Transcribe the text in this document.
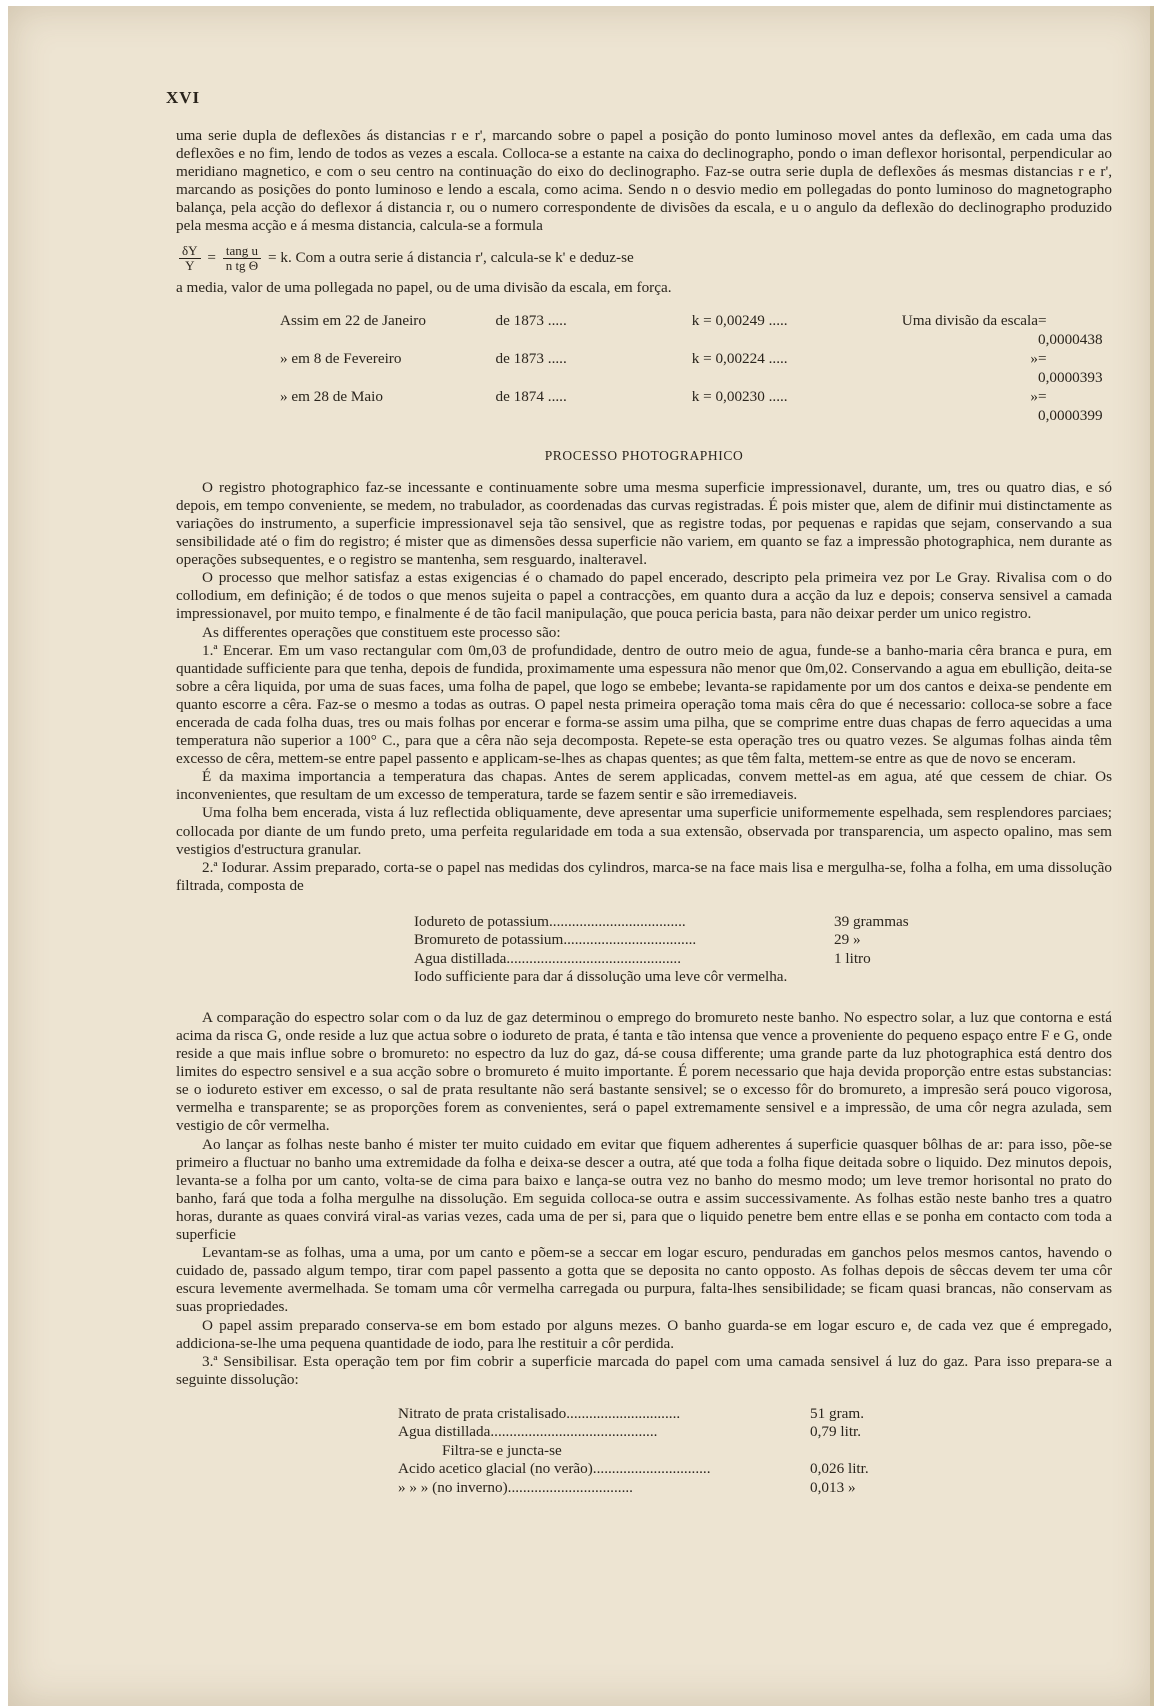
XVI

uma serie dupla de deflexões ás distancias r e r', marcando sobre o papel a posição do ponto luminoso movel antes da deflexão, em cada uma das deflexões e no fim, lendo de todos as vezes a escala. Colloca-se a estante na caixa do declinographo, pondo o iman deflexor horisontal, perpendicular ao meridiano magnetico, e com o seu centro na continuação do eixo do declinographo. Faz-se outra serie dupla de deflexões ás mesmas distancias r e r', marcando as posições do ponto luminoso e lendo a escala, como acima. Sendo n o desvio medio em pollegadas do ponto luminoso do magnetographo balança, pela acção do deflexor á distancia r, ou o numero correspondente de divisões da escala, e u o angulo da deflexão do declinographo produzido pela mesma acção e á mesma distancia, calcula-se a formula

$\frac{\delta Y}{Y} = \frac{\text{tang u}}{\text{n tg Θ}} = k$. Com a outra serie á distancia r', calcula-se k' e deduz-se

a media, valor de uma pollegada no papel, ou de uma divisão da escala, em força.

Assim em 22 de Janeiro	de 1873 .....	k = 0,00249 .....	Uma divisão da escala = 0,0000438
» em 8 de Fevereiro	de 1873 .....	k = 0,00224 .....	» = 0,0000393
» em 28 de Maio	de 1874 .....	k = 0,00230 .....	» = 0,0000399
PROCESSO PHOTOGRAPHICO

O registro photographico faz-se incessante e continuamente sobre uma mesma superficie impressionavel, durante, um, tres ou quatro dias, e só depois, em tempo conveniente, se medem, no trabulador, as coordenadas das curvas registradas. É pois mister que, alem de difinir mui distinctamente as variações do instrumento, a superficie impressionavel seja tão sensivel, que as registre todas, por pequenas e rapidas que sejam, conservando a sua sensibilidade até o fim do registro; é mister que as dimensões dessa superficie não variem, em quanto se faz a impressão photographica, nem durante as operações subsequentes, e o registro se mantenha, sem resguardo, inalteravel.

O processo que melhor satisfaz a estas exigencias é o chamado do papel encerado, descripto pela primeira vez por Le Gray. Rivalisa com o do collodium, em definição; é de todos o que menos sujeita o papel a contracções, em quanto dura a acção da luz e depois; conserva sensivel a camada impressionavel, por muito tempo, e finalmente é de tão facil manipulação, que pouca pericia basta, para não deixar perder um unico registro.

As differentes operações que constituem este processo são:

1.ª Encerar. Em um vaso rectangular com 0m,03 de profundidade, dentro de outro meio de agua, funde-se a banho-maria cêra branca e pura, em quantidade sufficiente para que tenha, depois de fundida, proximamente uma espessura não menor que 0m,02. Conservando a agua em ebullição, deita-se sobre a cêra liquida, por uma de suas faces, uma folha de papel, que logo se embebe; levanta-se rapidamente por um dos cantos e deixa-se pendente em quanto escorre a cêra. Faz-se o mesmo a todas as outras. O papel nesta primeira operação toma mais cêra do que é necessario: colloca-se sobre a face encerada de cada folha duas, tres ou mais folhas por encerar e forma-se assim uma pilha, que se comprime entre duas chapas de ferro aquecidas a uma temperatura não superior a 100° C., para que a cêra não seja decomposta. Repete-se esta operação tres ou quatro vezes. Se algumas folhas ainda têm excesso de cêra, mettem-se entre papel passento e applicam-se-lhes as chapas quentes; as que têm falta, mettem-se entre as que de novo se enceram.

É da maxima importancia a temperatura das chapas. Antes de serem applicadas, convem mettel-as em agua, até que cessem de chiar. Os inconvenientes, que resultam de um excesso de temperatura, tarde se fazem sentir e são irremediaveis.

Uma folha bem encerada, vista á luz reflectida obliquamente, deve apresentar uma superficie uniformemente espelhada, sem resplendores parciaes; collocada por diante de um fundo preto, uma perfeita regularidade em toda a sua extensão, observada por transparencia, um aspecto opalino, mas sem vestigios d'estructura granular.

2.ª Iodurar. Assim preparado, corta-se o papel nas medidas dos cylindros, marca-se na face mais lisa e mergulha-se, folha a folha, em uma dissolução filtrada, composta de

Iodureto de potassium....................................	39 grammas
Bromureto de potassium...................................	29 »
Agua distillada..............................................	1 litro
Iodo sufficiente para dar á dissolução uma leve côr vermelha.

A comparação do espectro solar com o da luz de gaz determinou o emprego do bromureto neste banho. No espectro solar, a luz que contorna e está acima da risca G, onde reside a luz que actua sobre o iodureto de prata, é tanta e tão intensa que vence a proveniente do pequeno espaço entre F e G, onde reside a que mais influe sobre o bromureto: no espectro da luz do gaz, dá-se cousa differente; uma grande parte da luz photographica está dentro dos limites do espectro sensivel e a sua acção sobre o bromureto é muito importante. É porem necessario que haja devida proporção entre estas substancias: se o iodureto estiver em excesso, o sal de prata resultante não será bastante sensivel; se o excesso fôr do bromureto, a impresão será pouco vigorosa, vermelha e transparente; se as proporções forem as convenientes, será o papel extremamente sensivel e a impressão, de uma côr negra azulada, sem vestigio de côr vermelha.

Ao lançar as folhas neste banho é mister ter muito cuidado em evitar que fiquem adherentes á superficie quasquer bôlhas de ar: para isso, põe-se primeiro a fluctuar no banho uma extremidade da folha e deixa-se descer a outra, até que toda a folha fique deitada sobre o liquido. Dez minutos depois, levanta-se a folha por um canto, volta-se de cima para baixo e lança-se outra vez no banho do mesmo modo; um leve tremor horisontal no prato do banho, fará que toda a folha mergulhe na dissolução. Em seguida colloca-se outra e assim successivamente. As folhas estão neste banho tres a quatro horas, durante as quaes convirá viral-as varias vezes, cada uma de per si, para que o liquido penetre bem entre ellas e se ponha em contacto com toda a superficie

Levantam-se as folhas, uma a uma, por um canto e põem-se a seccar em logar escuro, penduradas em ganchos pelos mesmos cantos, havendo o cuidado de, passado algum tempo, tirar com papel passento a gotta que se deposita no canto opposto. As folhas depois de sêccas devem ter uma côr escura levemente avermelhada. Se tomam uma côr vermelha carregada ou purpura, falta-lhes sensibilidade; se ficam quasi brancas, não conservam as suas propriedades.

O papel assim preparado conserva-se em bom estado por alguns mezes. O banho guarda-se em logar escuro e, de cada vez que é empregado, addiciona-se-lhe uma pequena quantidade de iodo, para lhe restituir a côr perdida.

3.ª Sensibilisar. Esta operação tem por fim cobrir a superficie marcada do papel com uma camada sensivel á luz do gaz. Para isso prepara-se a seguinte dissolução:

Nitrato de prata cristalisado..............................	51 gram.
Agua distillada............................................	0,79 litr.
Filtra-se e juncta-se
Acido acetico glacial (no verão)...............................	0,026 litr.
» » » (no inverno).................................	0,013 »
